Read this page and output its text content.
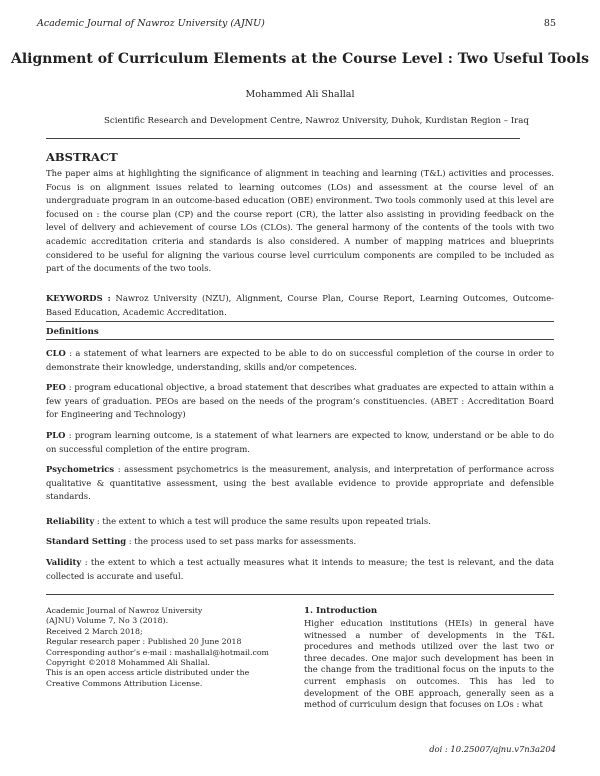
Academic Journal of Nawroz University (AJNU)	85
Alignment of Curriculum Elements at the Course Level : Two Useful Tools
Mohammed Ali Shallal
Scientific Research and Development Centre, Nawroz University, Duhok, Kurdistan Region – Iraq
ABSTRACT
The paper aims at highlighting the significance of alignment in teaching and learning (T&L) activities and processes. Focus is on alignment issues related to learning outcomes (LOs) and assessment at the course level of an undergraduate program in an outcome-based education (OBE) environment. Two tools commonly used at this level are focused on : the course plan (CP) and the course report (CR), the latter also assisting in providing feedback on the level of delivery and achievement of course LOs (CLOs). The general harmony of the contents of the tools with two academic accreditation criteria and standards is also considered. A number of mapping matrices and blueprints considered to be useful for aligning the various course level curriculum components are compiled to be included as part of the documents of the two tools.
KEYWORDS : Nawroz University (NZU), Alignment, Course Plan, Course Report, Learning Outcomes, Outcome-Based Education, Academic Accreditation.
Definitions
CLO : a statement of what learners are expected to be able to do on successful completion of the course in order to demonstrate their knowledge, understanding, skills and/or competences.
PEO : program educational objective, a broad statement that describes what graduates are expected to attain within a few years of graduation. PEOs are based on the needs of the program’s constituencies. (ABET : Accreditation Board for Engineering and Technology)
PLO : program learning outcome, is a statement of what learners are expected to know, understand or be able to do on successful completion of the entire program.
Psychometrics : assessment psychometrics is the measurement, analysis, and interpretation of performance across qualitative & quantitative assessment, using the best available evidence to provide appropriate and defensible standards.
Reliability : the extent to which a test will produce the same results upon repeated trials.
Standard Setting : the process used to set pass marks for assessments.
Validity : the extent to which a test actually measures what it intends to measure; the test is relevant, and the data collected is accurate and useful.
Academic Journal of Nawroz University
(AJNU) Volume 7, No 3 (2018).
Received 2 March 2018;
Regular research paper : Published 20 June 2018
Corresponding author’s e-mail : mashallal@hotmail.com
Copyright ©2018 Mohammed Ali Shallal.
This is an open access article distributed under the
Creative Commons Attribution License.
1. Introduction
Higher education institutions (HEIs) in general have witnessed a number of developments in the T&L procedures and methods utilized over the last two or three decades. One major such development has been in the change from the traditional focus on the inputs to the current emphasis on outcomes. This has led to development of the OBE approach, generally seen as a method of curriculum design that focuses on LOs : what
doi : 10.25007/ajnu.v7n3a204
